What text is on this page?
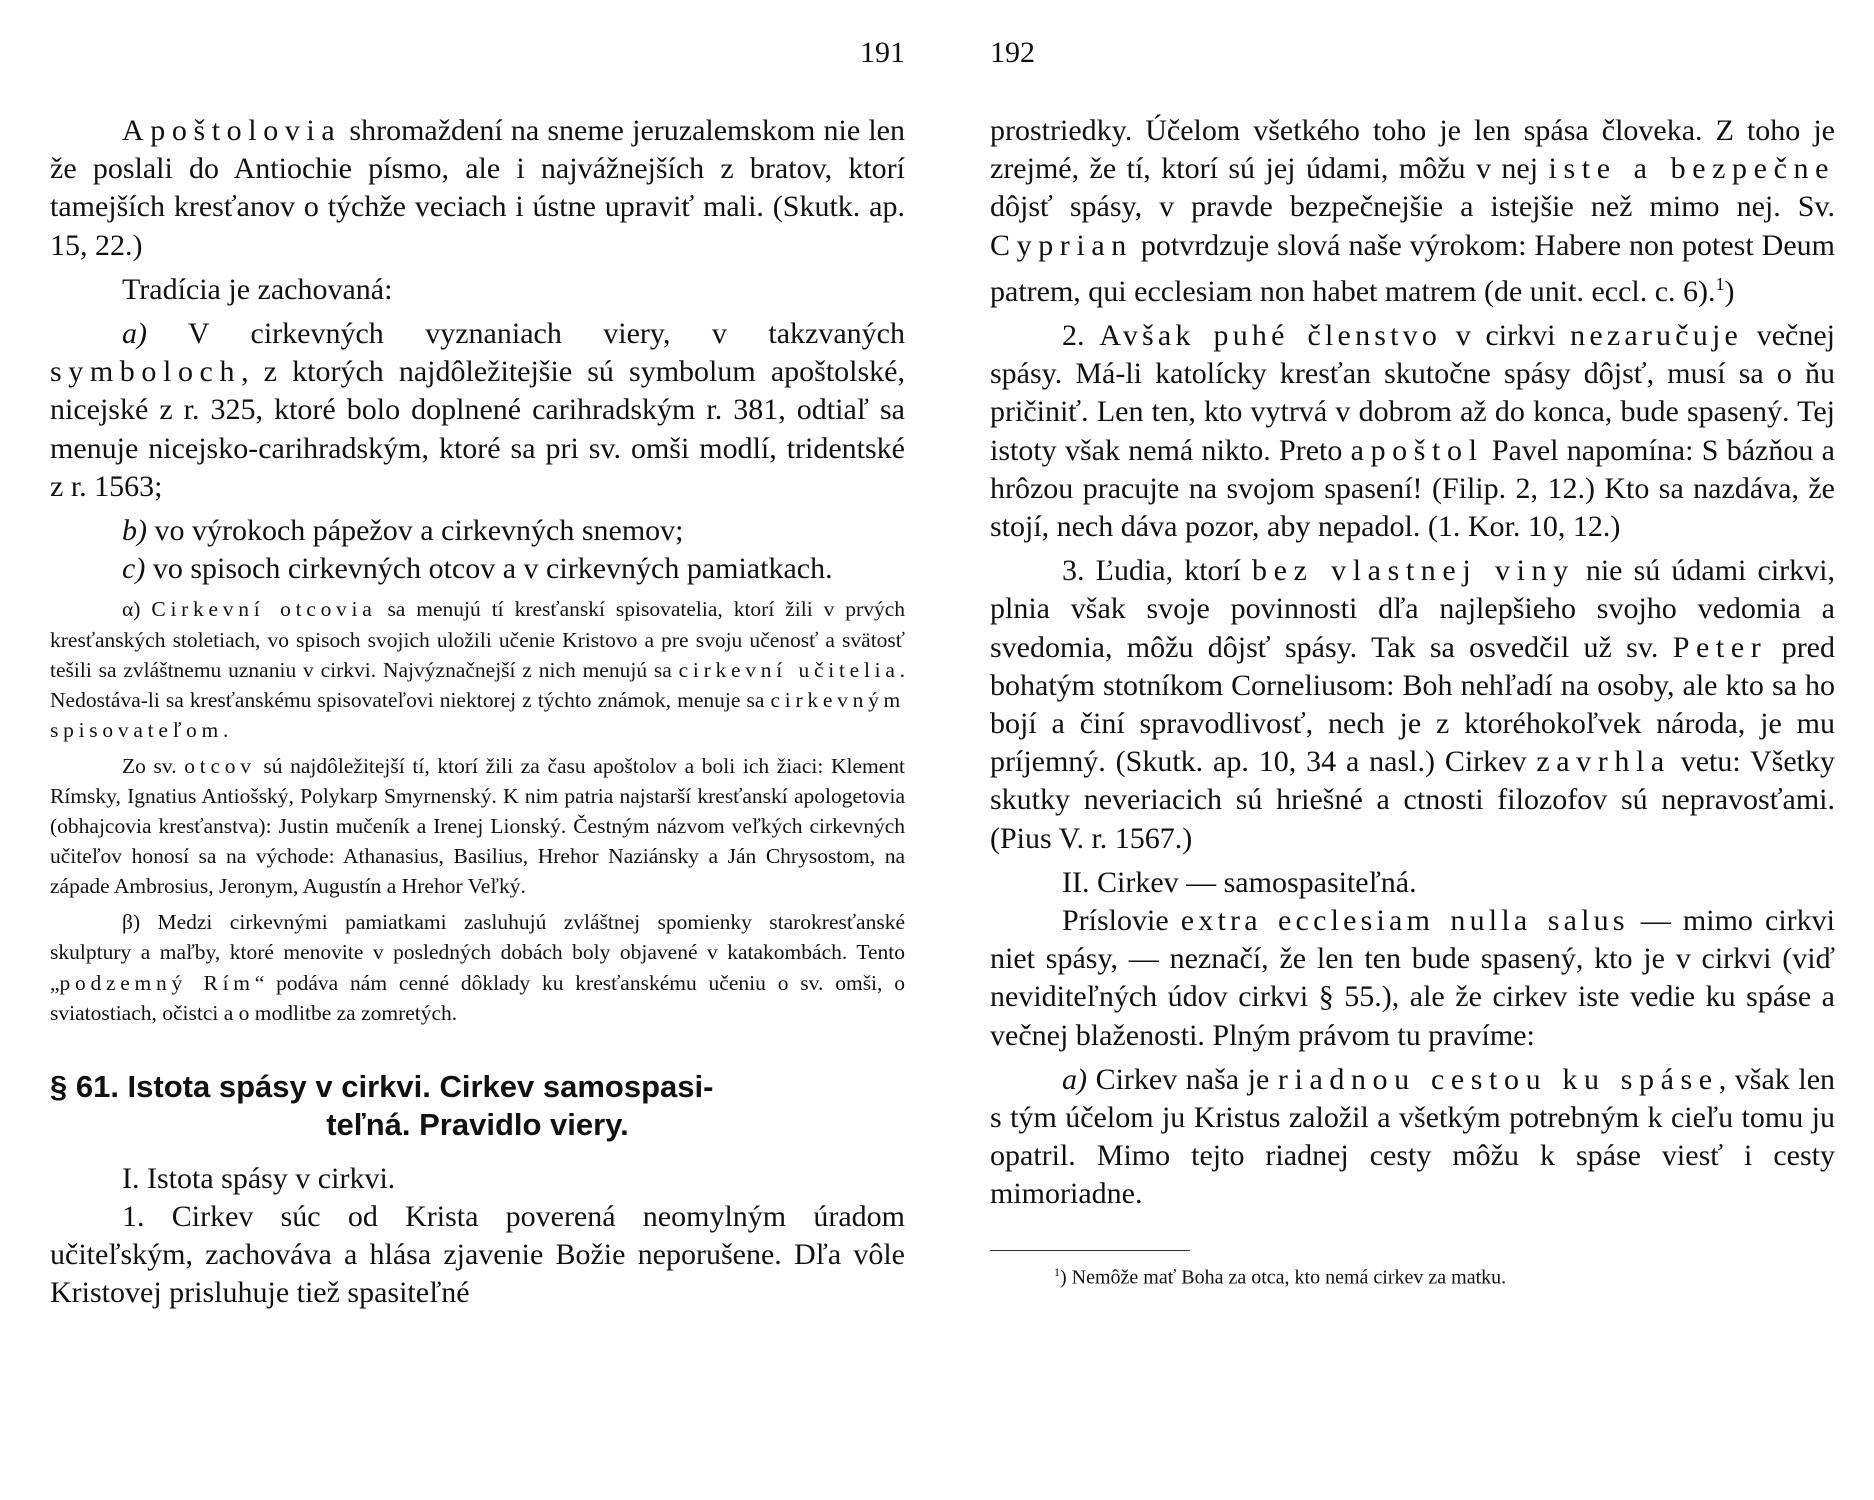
191

Apoštolovia shromaždení na sneme jeruzalemskom nie len že poslali do Antiochie písmo, ale i najvážnejších z bratov, ktorí tamejších kresťanov o týchže veciach i ústne upraviť mali. (Skutk. ap. 15, 22.)

Tradícia je zachovaná:

a) V cirkevných vyznaniach viery, v takzvaných symboloch, z ktorých najdôležitejšie sú symbolum apoštolské, nicejské z r. 325, ktoré bolo doplnené carihradským r. 381, odtiaľ sa menuje nicejsko-carihradským, ktoré sa pri sv. omši modlí, tridentské z r. 1563;

b) vo výrokoch pápežov a cirkevných snemov;

c) vo spisoch cirkevných otcov a v cirkevných pamiatkach.

α) Cirkevní otcovia sa menujú tí kresťanskí spisovatelia, ktorí žili v prvých kresťanských stoletiach, vo spisoch svojich uložili učenie Kristovo a pre svoju učenosť a svätosť tešili sa zvláštnemu uznaniu v cirkvi. Najvýznačnejší z nich menujú sa cirkevní učitelia. Nedostáva-li sa kresťanskému spisovateľovi niektorej z týchto známok, menuje sa cirkevným spisovateľom.

Zo sv. otcov sú najdôležitejší tí, ktorí žili za času apoštolov a boli ich žiaci: Klement Rímsky, Ignatius Antiošský, Polykarp Smyrnenský. K nim patria najstarší kresťanskí apologetovia (obhajcovia kresťanstva): Justin mučeník a Irenej Lionský. Čestným názvom veľkých cirkevných učiteľov honosí sa na východe: Athanasius, Basilius, Hrehor Naziánsky a Ján Chrysostom, na západe Ambrosius, Jeronym, Augustín a Hrehor Veľký.

β) Medzi cirkevnými pamiatkami zasluhujú zvláštnej spomienky starokresťanské skulptury a maľby, ktoré menovite v posledných dobách boly objavené v katakombách. Tento „podzemný Rím“ podáva nám cenné dôklady ku kresťanskému učeniu o sv. omši, o sviatostiach, očistci a o modlitbe za zomretých.

§ 61. Istota spásy v cirkvi. Cirkev samospasi-
teľná. Pravidlo viery.

I. Istota spásy v cirkvi.

1. Cirkev súc od Krista poverená neomylným úradom učiteľským, zachováva a hlása zjavenie Božie neporušene. Dľa vôle Kristovej prisluhuje tiež spasiteľné

192

prostriedky. Účelom všetkého toho je len spása človeka. Z toho je zrejmé, že tí, ktorí sú jej údami, môžu v nej iste a bezpečne dôjsť spásy, v pravde bezpečnejšie a istejšie než mimo nej. Sv. Cyprian potvrdzuje slová naše výrokom: Habere non potest Deum patrem, qui ecclesiam non habet matrem (de unit. eccl. c. 6).$^1$)

2. Avšak puhé členstvo v cirkvi nezaručuje večnej spásy. Má-li katolícky kresťan skutočne spásy dôjsť, musí sa o ňu pričiniť. Len ten, kto vytrvá v dobrom až do konca, bude spasený. Tej istoty však nemá nikto. Preto apoštol Pavel napomína: S bázňou a hrôzou pracujte na svojom spasení! (Filip. 2, 12.) Kto sa nazdáva, že stojí, nech dáva pozor, aby nepadol. (1. Kor. 10, 12.)

3. Ľudia, ktorí bez vlastnej viny nie sú údami cirkvi, plnia však svoje povinnosti dľa najlepšieho svojho vedomia a svedomia, môžu dôjsť spásy. Tak sa osvedčil už sv. Peter pred bohatým stotníkom Corneliusom: Boh nehľadí na osoby, ale kto sa ho bojí a činí spravodlivosť, nech je z ktoréhokoľvek národa, je mu príjemný. (Skutk. ap. 10, 34 a nasl.) Cirkev zavrhla vetu: Všetky skutky neveriacich sú hriešné a ctnosti filozofov sú nepravosťami. (Pius V. r. 1567.)

II. Cirkev — samospasiteľná.

Príslovie extra ecclesiam nulla salus — mimo cirkvi niet spásy, — neznačí, že len ten bude spasený, kto je v cirkvi (viď neviditeľných údov cirkvi § 55.), ale že cirkev iste vedie ku spáse a večnej blaženosti. Plným právom tu pravíme:

a) Cirkev naša je riadnou cestou ku spáse, však len s tým účelom ju Kristus založil a všetkým potrebným k cieľu tomu ju opatril. Mimo tejto riadnej cesty môžu k spáse viesť i cesty mimoriadne.

$^1$) Nemôže mať Boha za otca, kto nemá cirkev za matku.
